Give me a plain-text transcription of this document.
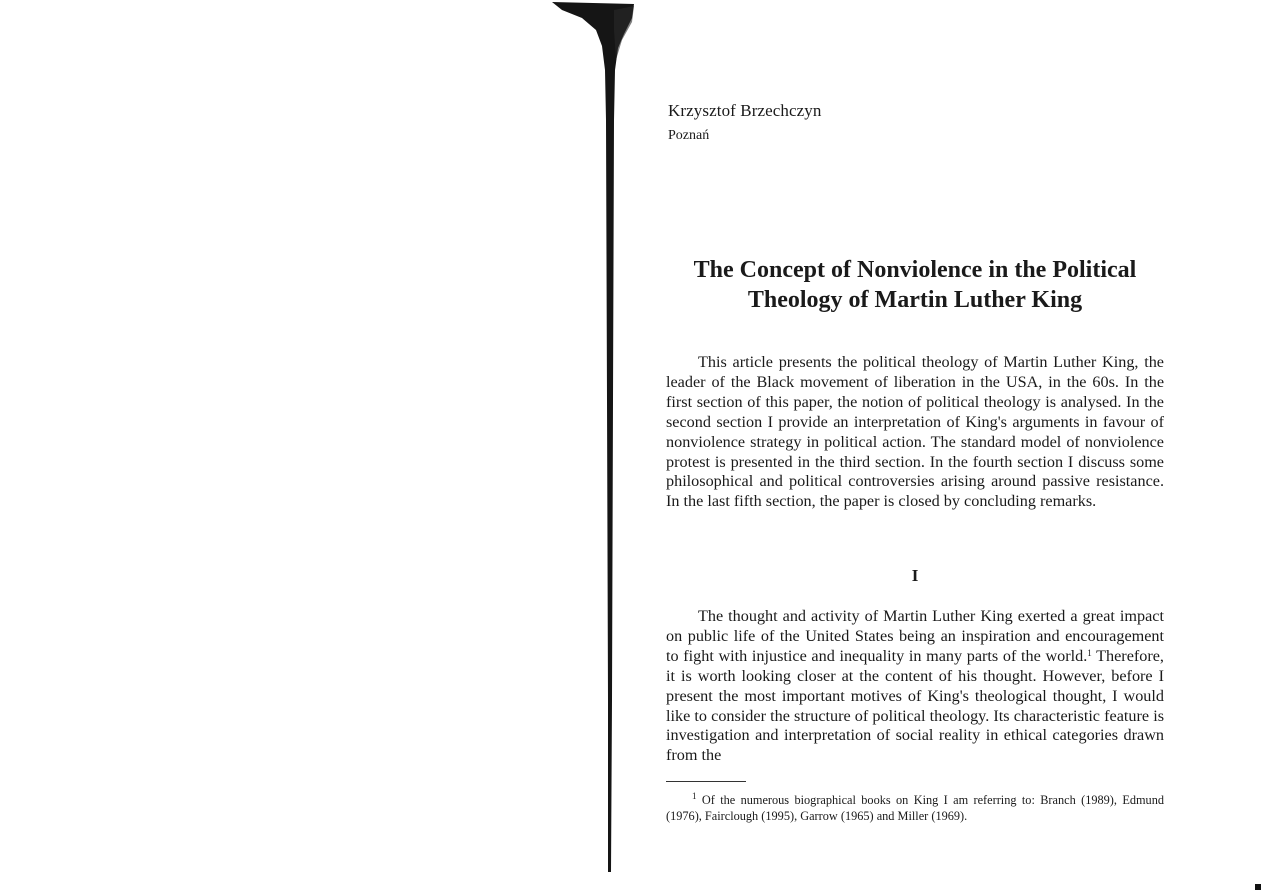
Krzysztof Brzechczyn
Poznań
The Concept of Nonviolence in the Political
Theology of Martin Luther King

This article presents the political theology of Martin Luther King, the leader of the Black movement of liberation in the USA, in the 60s. In the first section of this paper, the notion of political theology is analysed. In the second section I provide an interpretation of King's arguments in favour of nonviolence strategy in political action. The standard model of nonviolence protest is presented in the third section. In the fourth section I discuss some philosophical and political controversies arising around passive resistance. In the last fifth section, the paper is closed by concluding remarks.

I

The thought and activity of Martin Luther King exerted a great impact on public life of the United States being an inspiration and encouragement to fight with injustice and inequality in many parts of the world.$^1$ Therefore, it is worth looking closer at the content of his thought. However, before I present the most important motives of King's theological thought, I would like to consider the structure of political theology. Its characteristic feature is investigation and interpretation of social reality in ethical categories drawn from the

$^1$ Of the numerous biographical books on King I am referring to: Branch (1989), Edmund (1976), Fairclough (1995), Garrow (1965) and Miller (1969).
